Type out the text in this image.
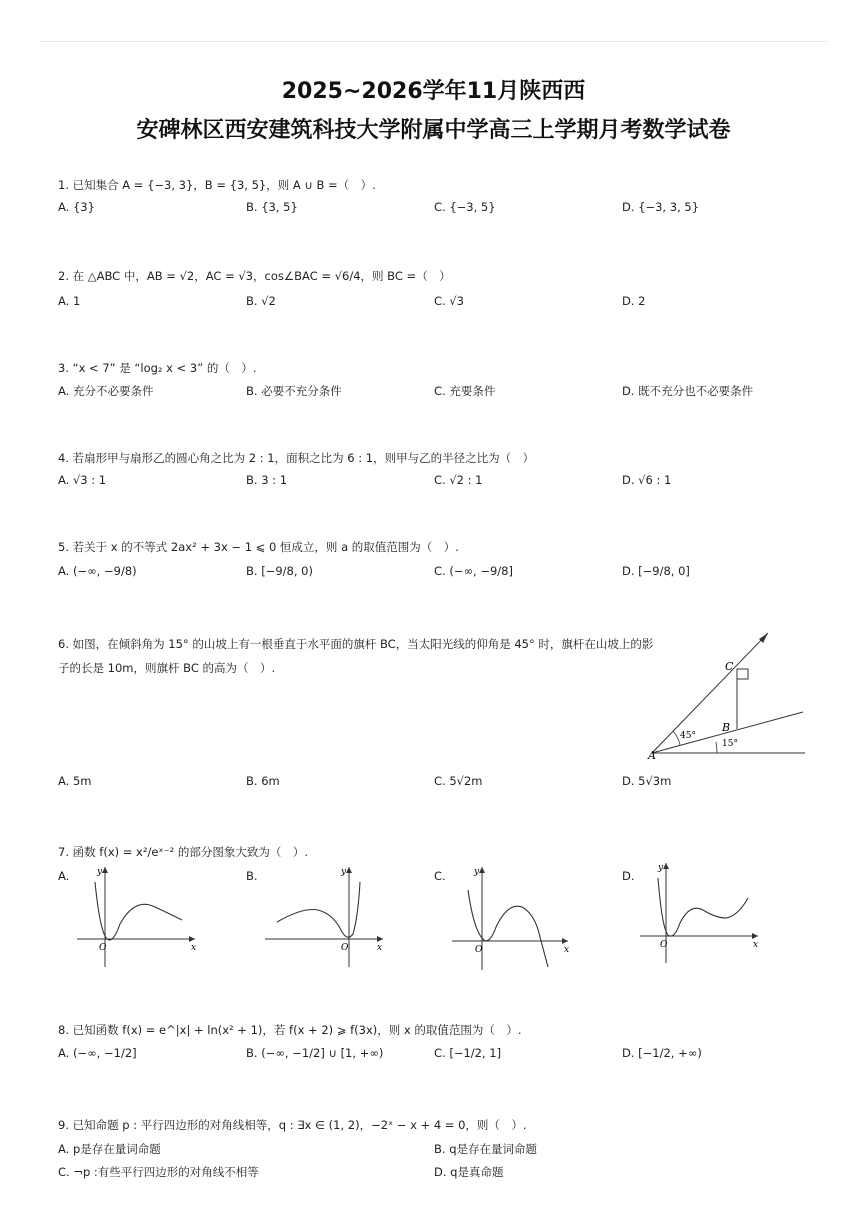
2025~2026学年11月陕西西
安碑林区西安建筑科技大学附属中学高三上学期月考数学试卷
1. 已知集合 A = {−3, 3}，B = {3, 5}，则 A ∪ B =（　）.
A. {3}	B. {3, 5}	C. {−3, 5}	D. {−3, 3, 5}
2. 在 △ABC 中，AB = √2，AC = √3，cos∠BAC = √6/4，则 BC =（　）
A. 1	B. √2	C. √3	D. 2
3. “x < 7” 是 “log₂ x < 3” 的（　）.
A. 充分不必要条件	B. 必要不充分条件	C. 充要条件	D. 既不充分也不必要条件
4. 若扇形甲与扇形乙的圆心角之比为 2 : 1，面积之比为 6 : 1，则甲与乙的半径之比为（　）
A. √3 : 1	B. 3 : 1	C. √2 : 1	D. √6 : 1
5. 若关于 x 的不等式 2ax² + 3x − 1 ⩽ 0 恒成立，则 a 的取值范围为（　）.
A. (−∞, −9/8)	B. [−9/8, 0)	C. (−∞, −9/8]	D. [−9/8, 0]
6. 如图，在倾斜角为 15° 的山坡上有一根垂直于水平面的旗杆 BC，当太阳光线的仰角是 45° 时，旗杆在山坡上的影
子的长是 10m，则旗杆 BC 的高为（　）.	C
B
A
45°
15°
A. 5m	B. 6m	C. 5√2m	D. 5√3m
7. 函数 f(x) = x²/eˣ⁻² 的部分图象大致为（　）.
A.	B.	C.	D.
y
x
O
y
x
O
y
x
O
y
x
O
8. 已知函数 f(x) = e^|x| + ln(x² + 1)，若 f(x + 2) ⩾ f(3x)，则 x 的取值范围为（　）.
A. (−∞, −1/2]	B. (−∞, −1/2] ∪ [1, +∞)	C. [−1/2, 1]	D. [−1/2, +∞)
9. 已知命题 p : 平行四边形的对角线相等，q : ∃x ∈ (1, 2)，−2ˣ − x + 4 = 0，则（　）.
A. p是存在量词命题	B. q是存在量词命题
C. ¬p :有些平行四边形的对角线不相等	D. q是真命题
